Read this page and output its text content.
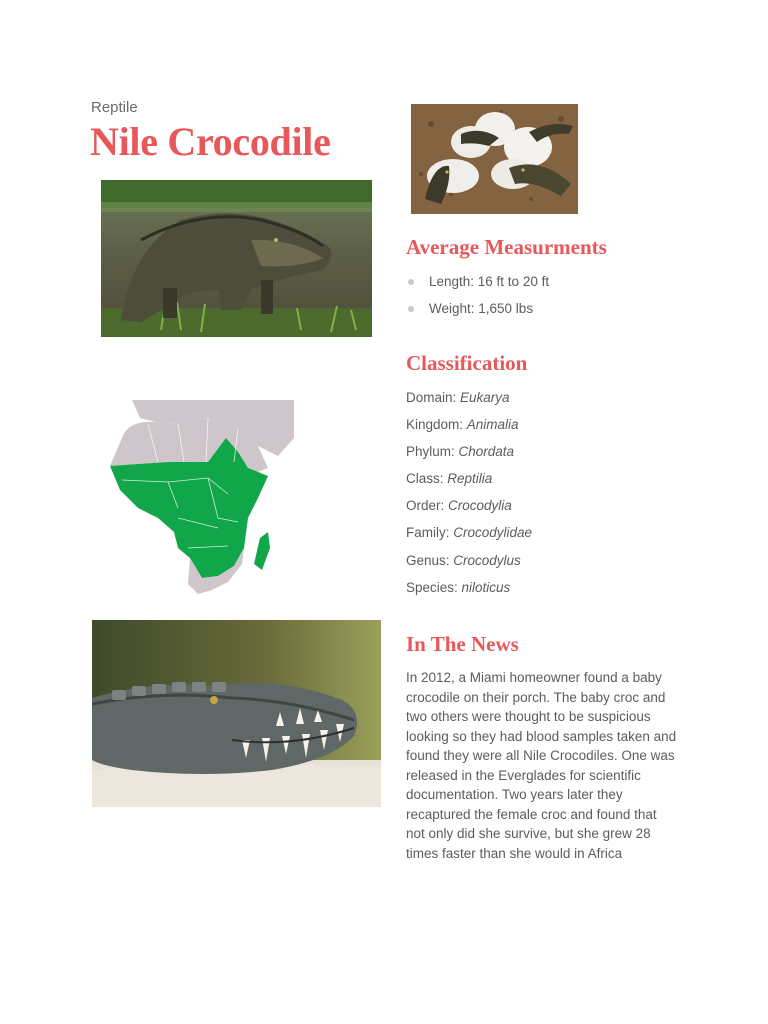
Reptile
Nile Crocodile
Average Measurments
Length: 16 ft to 20 ft
Weight: 1,650 lbs
Classification
Domain: Eukarya
Kingdom: Animalia
Phylum: Chordata
Class: Reptilia
Order: Crocodylia
Family: Crocodylidae
Genus: Crocodylus
Species: niloticus
In The News
In 2012, a Miami homeowner found a baby crocodile on their porch. The baby croc and two others were thought to be suspicious looking so they had blood samples taken and found they were all Nile Crocodiles. One was released in the Everglades for scientific documentation. Two years later they recaptured the female croc and found that not only did she survive, but she grew 28 times faster than she would in Africa
